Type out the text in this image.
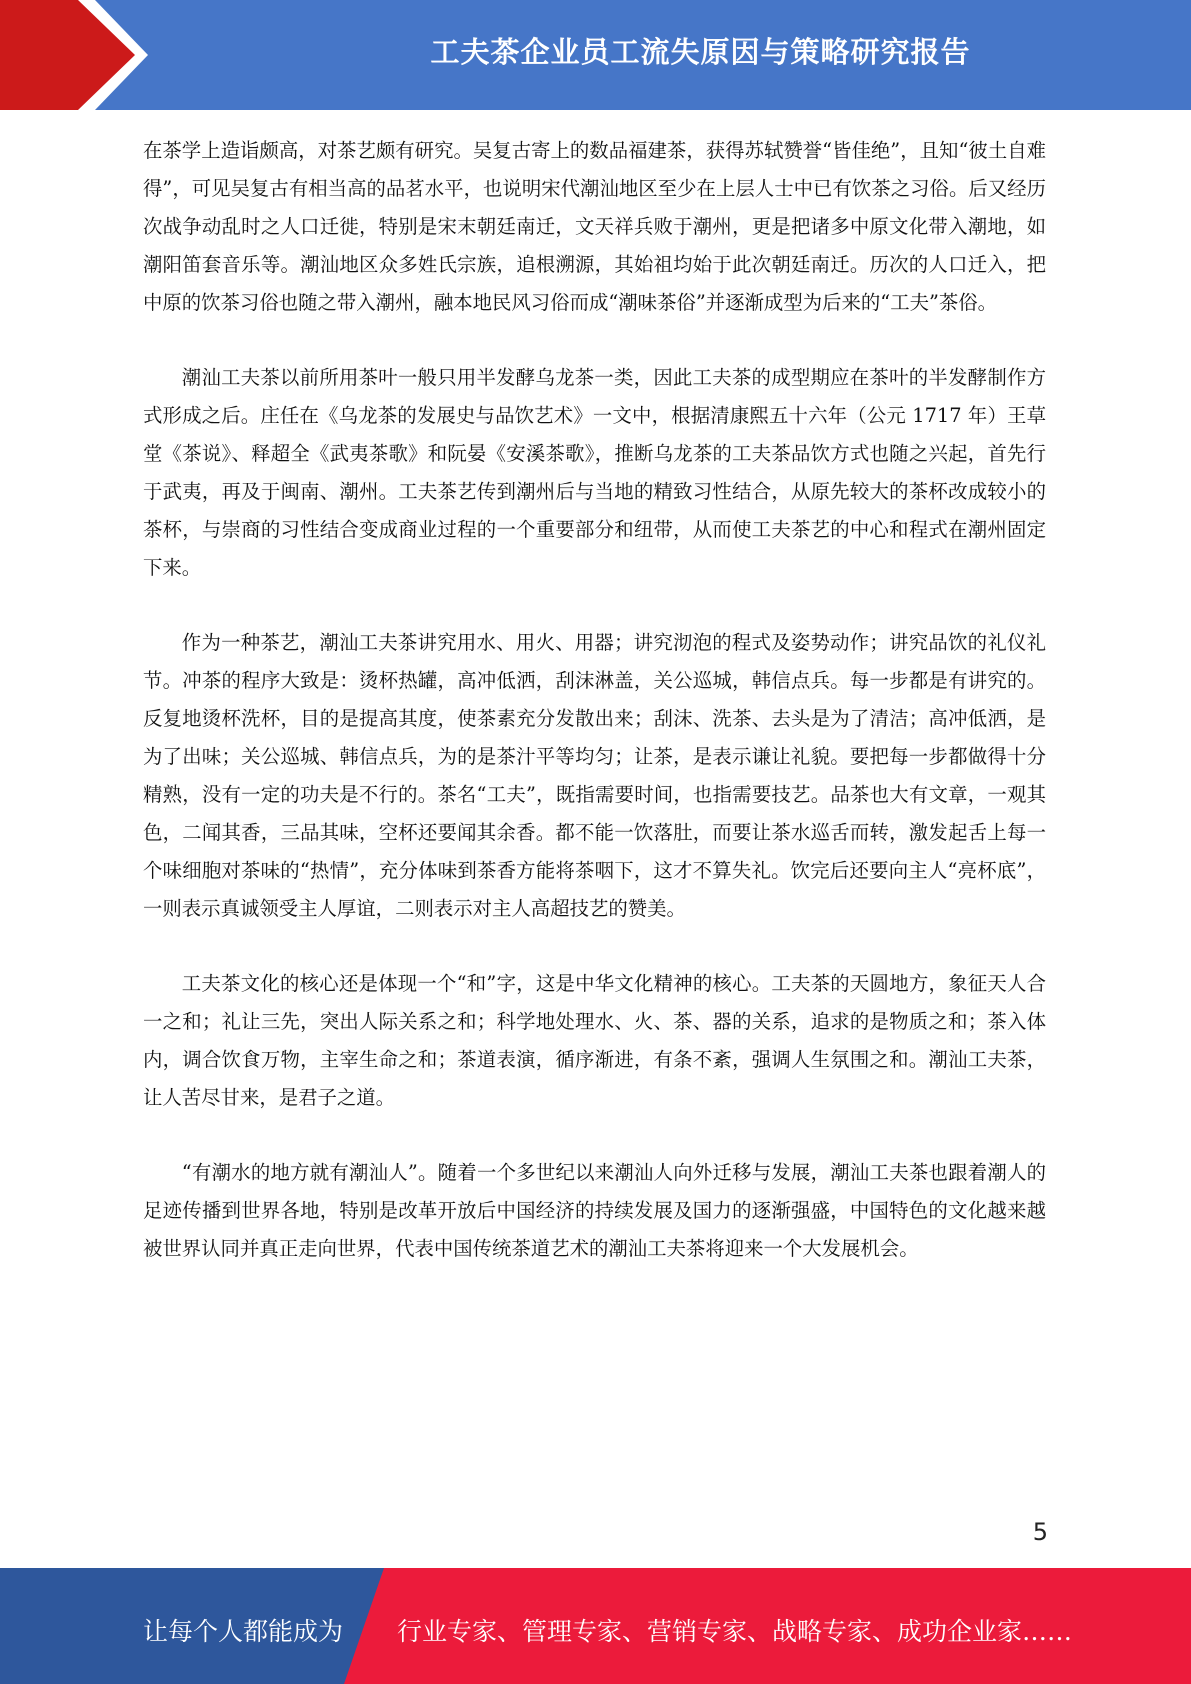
工夫茶企业员工流失原因与策略研究报告

在茶学上造诣颇高，对茶艺颇有研究。吴复古寄上的数品福建茶，获得苏轼赞誉“皆佳绝”，且知“彼土自难得”，可见吴复古有相当高的品茗水平，也说明宋代潮汕地区至少在上层人士中已有饮茶之习俗。后又经历次战争动乱时之人口迁徙，特别是宋末朝廷南迁，文天祥兵败于潮州，更是把诸多中原文化带入潮地，如潮阳笛套音乐等。潮汕地区众多姓氏宗族，追根溯源，其始祖均始于此次朝廷南迁。历次的人口迁入，把中原的饮茶习俗也随之带入潮州，融本地民风习俗而成“潮味茶俗”并逐渐成型为后来的“工夫”茶俗。

潮汕工夫茶以前所用茶叶一般只用半发酵乌龙茶一类，因此工夫茶的成型期应在茶叶的半发酵制作方式形成之后。庄任在《乌龙茶的发展史与品饮艺术》一文中，根据清康熙五十六年（公元 1717 年）王草堂《茶说》、释超全《武夷茶歌》和阮晏《安溪茶歌》，推断乌龙茶的工夫茶品饮方式也随之兴起，首先行于武夷，再及于闽南、潮州。工夫茶艺传到潮州后与当地的精致习性结合，从原先较大的茶杯改成较小的茶杯，与崇商的习性结合变成商业过程的一个重要部分和纽带，从而使工夫茶艺的中心和程式在潮州固定下来。

作为一种茶艺，潮汕工夫茶讲究用水、用火、用器；讲究沏泡的程式及姿势动作；讲究品饮的礼仪礼节。冲茶的程序大致是：烫杯热罐，高冲低洒，刮沫淋盖，关公巡城，韩信点兵。每一步都是有讲究的。反复地烫杯洗杯，目的是提高其度，使茶素充分发散出来；刮沫、洗茶、去头是为了清洁；高冲低洒，是为了出味；关公巡城、韩信点兵，为的是茶汁平等均匀；让茶，是表示谦让礼貌。要把每一步都做得十分精熟，没有一定的功夫是不行的。茶名“工夫”，既指需要时间，也指需要技艺。品茶也大有文章，一观其色，二闻其香，三品其味，空杯还要闻其余香。都不能一饮落肚，而要让茶水巡舌而转，激发起舌上每一个味细胞对茶味的“热情”，充分体味到茶香方能将茶咽下，这才不算失礼。饮完后还要向主人“亮杯底”，一则表示真诚领受主人厚谊，二则表示对主人高超技艺的赞美。

工夫茶文化的核心还是体现一个“和”字，这是中华文化精神的核心。工夫茶的天圆地方，象征天人合一之和；礼让三先，突出人际关系之和；科学地处理水、火、茶、器的关系，追求的是物质之和；茶入体内，调合饮食万物，主宰生命之和；茶道表演，循序渐进，有条不紊，强调人生氛围之和。潮汕工夫茶，让人苦尽甘来，是君子之道。

“有潮水的地方就有潮汕人”。随着一个多世纪以来潮汕人向外迁移与发展，潮汕工夫茶也跟着潮人的足迹传播到世界各地，特别是改革开放后中国经济的持续发展及国力的逐渐强盛，中国特色的文化越来越被世界认同并真正走向世界，代表中国传统茶道艺术的潮汕工夫茶将迎来一个大发展机会。

5
让每个人都能成为 行业专家、管理专家、营销专家、战略专家、成功企业家……
